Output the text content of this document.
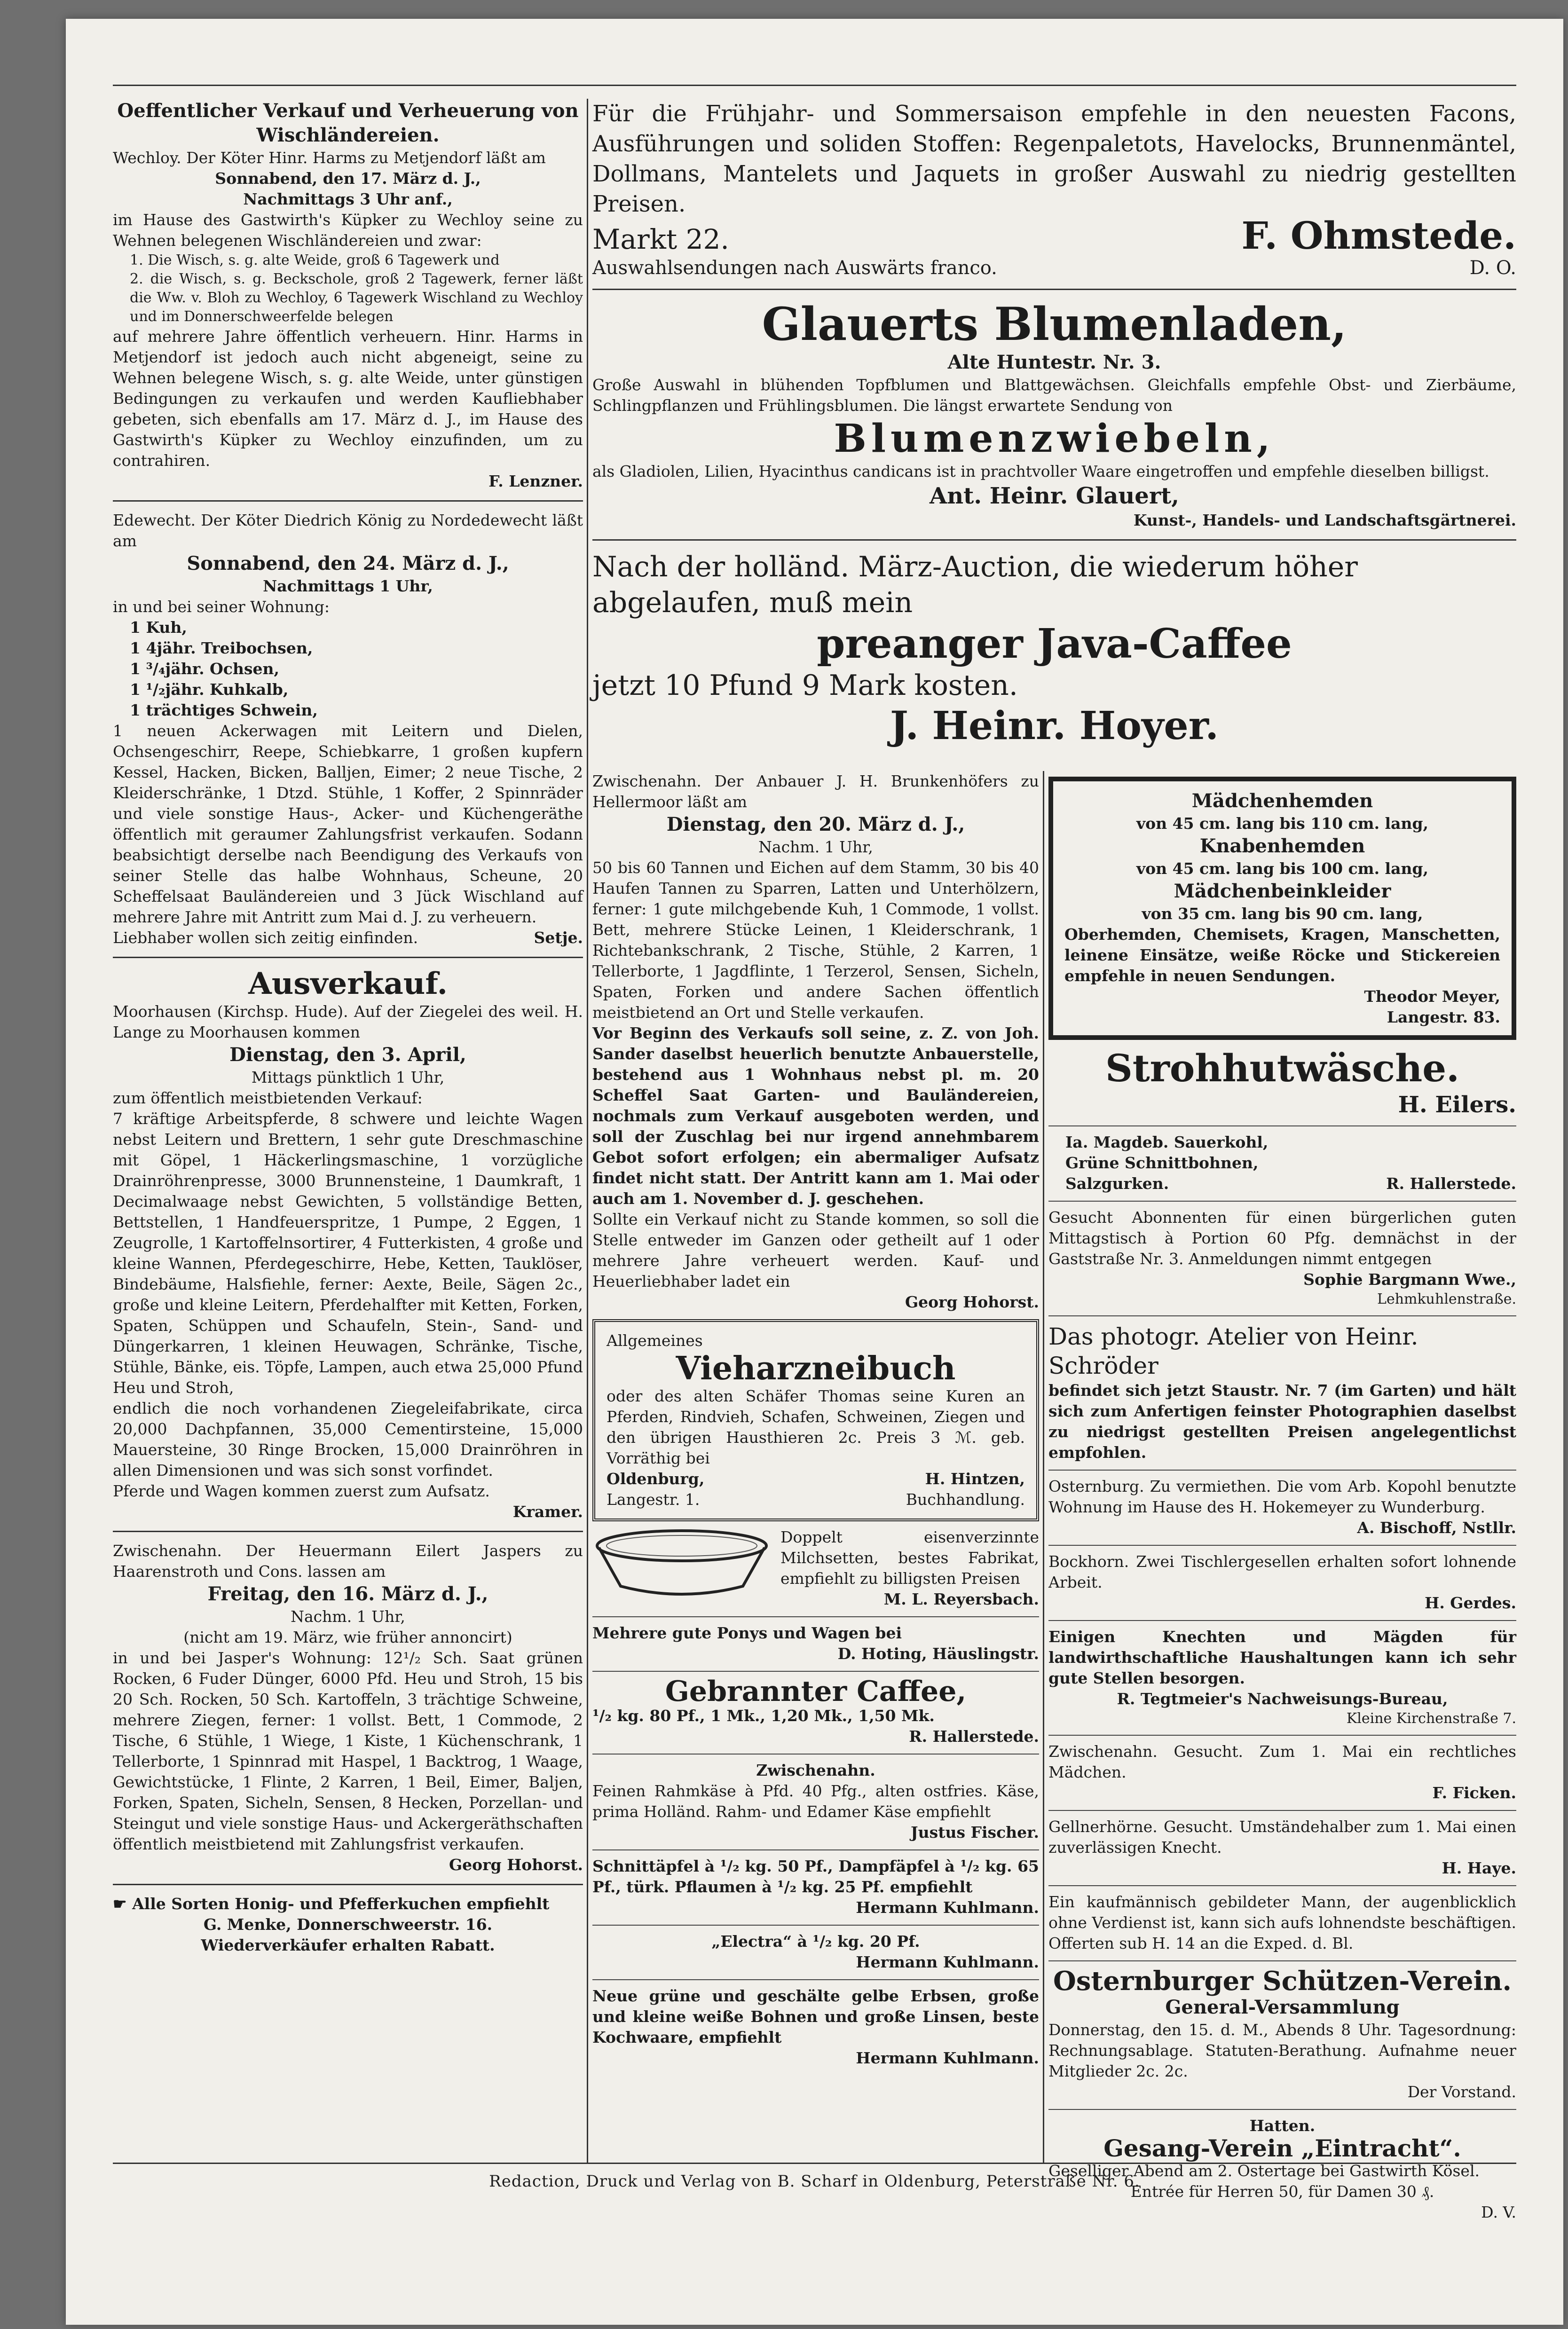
Oeffentlicher Verkauf und Verheuerung von Wischländereien.
Wechloy. Der Köter Hinr. Harms zu Metjendorf läßt am
Sonnabend, den 17. März d. J.,
Nachmittags 3 Uhr anf.,
im Hause des Gastwirth's Küpker zu Wechloy seine zu Wehnen belegenen Wischländereien und zwar:
1. Die Wisch, s. g. alte Weide, groß 6 Tagewerk und
2. die Wisch, s. g. Beckschole, groß 2 Tagewerk, ferner läßt die Ww. v. Bloh zu Wechloy, 6 Tagewerk Wischland zu Wechloy und im Donnerschweerfelde belegen
auf mehrere Jahre öffentlich verheuern. Hinr. Harms in Metjendorf ist jedoch auch nicht abgeneigt, seine zu Wehnen belegene Wisch, s. g. alte Weide, unter günstigen Bedingungen zu verkaufen und werden Kaufliebhaber gebeten, sich ebenfalls am 17. März d. J., im Hause des Gastwirth's Küpker zu Wechloy einzufinden, um zu contrahiren.
F. Lenzner.
Edewecht. Der Köter Diedrich König zu Nordedewecht läßt am
Sonnabend, den 24. März d. J.,
Nachmittags 1 Uhr,
in und bei seiner Wohnung:
1 Kuh,
1 4jähr. Treibochsen,
1 ³/₄jähr. Ochsen,
1 ¹/₂jähr. Kuhkalb,
1 trächtiges Schwein,
1 neuen Ackerwagen mit Leitern und Dielen, Ochsengeschirr, Reepe, Schiebkarre, 1 großen kupfern Kessel, Hacken, Bicken, Balljen, Eimer; 2 neue Tische, 2 Kleiderschränke, 1 Dtzd. Stühle, 1 Koffer, 2 Spinnräder und viele sonstige Haus-, Acker- und Küchengeräthe öffentlich mit geraumer Zahlungsfrist verkaufen. Sodann beabsichtigt derselbe nach Beendigung des Verkaufs von seiner Stelle das halbe Wohnhaus, Scheune, 20 Scheffelsaat Bauländereien und 3 Jück Wischland auf mehrere Jahre mit Antritt zum Mai d. J. zu verheuern.
Liebhaber wollen sich zeitig einfinden.	Setje.
Ausverkauf.
Moorhausen (Kirchsp. Hude). Auf der Ziegelei des weil. H. Lange zu Moorhausen kommen
Dienstag, den 3. April,
Mittags pünktlich 1 Uhr,
zum öffentlich meistbietenden Verkauf:
7 kräftige Arbeitspferde, 8 schwere und leichte Wagen nebst Leitern und Brettern, 1 sehr gute Dreschmaschine mit Göpel, 1 Häckerlingsmaschine, 1 vorzügliche Drainröhrenpresse, 3000 Brunnensteine, 1 Daumkraft, 1 Decimalwaage nebst Gewichten, 5 vollständige Betten, Bettstellen, 1 Handfeuerspritze, 1 Pumpe, 2 Eggen, 1 Zeugrolle, 1 Kartoffelnsortirer, 4 Futterkisten, 4 große und kleine Wannen, Pferdegeschirre, Hebe, Ketten, Tauklöser, Bindebäume, Halsfiehle, ferner: Aexte, Beile, Sägen 2c., große und kleine Leitern, Pferdehalfter mit Ketten, Forken, Spaten, Schüppen und Schaufeln, Stein-, Sand- und Düngerkarren, 1 kleinen Heuwagen, Schränke, Tische, Stühle, Bänke, eis. Töpfe, Lampen, auch etwa 25,000 Pfund Heu und Stroh,
endlich die noch vorhandenen Ziegeleifabrikate, circa 20,000 Dachpfannen, 35,000 Cementirsteine, 15,000 Mauersteine, 30 Ringe Brocken, 15,000 Drainröhren in allen Dimensionen und was sich sonst vorfindet.
Pferde und Wagen kommen zuerst zum Aufsatz.
Kramer.
Zwischenahn. Der Heuermann Eilert Jaspers zu Haarenstroth und Cons. lassen am
Freitag, den 16. März d. J.,
Nachm. 1 Uhr,
(nicht am 19. März, wie früher annoncirt)
in und bei Jasper's Wohnung: 12¹/₂ Sch. Saat grünen Rocken, 6 Fuder Dünger, 6000 Pfd. Heu und Stroh, 15 bis 20 Sch. Rocken, 50 Sch. Kartoffeln, 3 trächtige Schweine, mehrere Ziegen, ferner: 1 vollst. Bett, 1 Commode, 2 Tische, 6 Stühle, 1 Wiege, 1 Kiste, 1 Küchenschrank, 1 Tellerborte, 1 Spinnrad mit Haspel, 1 Backtrog, 1 Waage, Gewichtstücke, 1 Flinte, 2 Karren, 1 Beil, Eimer, Baljen, Forken, Spaten, Sicheln, Sensen, 8 Hecken, Porzellan- und Steingut und viele sonstige Haus- und Ackergeräthschaften öffentlich meistbietend mit Zahlungsfrist verkaufen.
Georg Hohorst.
☛ Alle Sorten Honig- und Pfefferkuchen empfiehlt
G. Menke, Donnerschweerstr. 16.
Wiederverkäufer erhalten Rabatt.
Für die Frühjahr- und Sommersaison empfehle in den neuesten Facons, Ausführungen und soliden Stoffen: Regenpaletots, Havelocks, Brunnenmäntel, Dollmans, Mantelets und Jaquets in großer Auswahl zu niedrig gestellten Preisen.
Markt 22.	F. Ohmstede.
Auswahlsendungen nach Auswärts franco.	D. O.
Glauerts Blumenladen,
Alte Huntestr. Nr. 3.
Große Auswahl in blühenden Topfblumen und Blattgewächsen. Gleichfalls empfehle Obst- und Zierbäume, Schlingpflanzen und Frühlingsblumen. Die längst erwartete Sendung von
Blumenzwiebeln,
als Gladiolen, Lilien, Hyacinthus candicans ist in prachtvoller Waare eingetroffen und empfehle dieselben billigst.
Ant. Heinr. Glauert,
Kunst-, Handels- und Landschaftsgärtnerei.
Nach der holländ. März-Auction, die wiederum höher abgelaufen, muß mein
preanger Java-Caffee
jetzt 10 Pfund 9 Mark kosten.
J. Heinr. Hoyer.
Zwischenahn. Der Anbauer J. H. Brunkenhöfers zu Hellermoor läßt am
Dienstag, den 20. März d. J.,
Nachm. 1 Uhr,
50 bis 60 Tannen und Eichen auf dem Stamm, 30 bis 40 Haufen Tannen zu Sparren, Latten und Unterhölzern, ferner: 1 gute milchgebende Kuh, 1 Commode, 1 vollst. Bett, mehrere Stücke Leinen, 1 Kleiderschrank, 1 Richtebankschrank, 2 Tische, Stühle, 2 Karren, 1 Tellerborte, 1 Jagdflinte, 1 Terzerol, Sensen, Sicheln, Spaten, Forken und andere Sachen öffentlich meistbietend an Ort und Stelle verkaufen.
Vor Beginn des Verkaufs soll seine, z. Z. von Joh. Sander daselbst heuerlich benutzte Anbauerstelle, bestehend aus 1 Wohnhaus nebst pl. m. 20 Scheffel Saat Garten- und Bauländereien, nochmals zum Verkauf ausgeboten werden, und soll der Zuschlag bei nur irgend annehmbarem Gebot sofort erfolgen; ein abermaliger Aufsatz findet nicht statt. Der Antritt kann am 1. Mai oder auch am 1. November d. J. geschehen.
Sollte ein Verkauf nicht zu Stande kommen, so soll die Stelle entweder im Ganzen oder getheilt auf 1 oder mehrere Jahre verheuert werden. Kauf- und Heuerliebhaber ladet ein
Georg Hohorst.
Allgemeines
Vieharzneibuch
oder des alten Schäfer Thomas seine Kuren an Pferden, Rindvieh, Schafen, Schweinen, Ziegen und den übrigen Hausthieren 2c. Preis 3 ℳ. geb. Vorräthig bei
Oldenburg,	H. Hintzen,
Langestr. 1.	Buchhandlung.
Doppelt eisenverzinnte Milchsetten, bestes Fabrikat, empfiehlt zu billigsten Preisen
M. L. Reyersbach.
Mehrere gute Ponys und Wagen bei
D. Hoting, Häuslingstr.
Gebrannter Caffee,
¹/₂ kg. 80 Pf., 1 Mk., 1,20 Mk., 1,50 Mk.
R. Hallerstede.
Zwischenahn.
Feinen Rahmkäse à Pfd. 40 Pfg., alten ostfries. Käse, prima Holländ. Rahm- und Edamer Käse empfiehlt
Justus Fischer.
Schnittäpfel à ¹/₂ kg. 50 Pf., Dampfäpfel à ¹/₂ kg. 65 Pf., türk. Pflaumen à ¹/₂ kg. 25 Pf. empfiehlt
Hermann Kuhlmann.
„Electra“ à ¹/₂ kg. 20 Pf.
Hermann Kuhlmann.
Neue grüne und geschälte gelbe Erbsen, große und kleine weiße Bohnen und große Linsen, beste Kochwaare, empfiehlt
Hermann Kuhlmann.
Mädchenhemden
von 45 cm. lang bis 110 cm. lang,
Knabenhemden
von 45 cm. lang bis 100 cm. lang,
Mädchenbeinkleider
von 35 cm. lang bis 90 cm. lang,
Oberhemden, Chemisets, Kragen, Manschetten, leinene Einsätze, weiße Röcke und Stickereien empfehle in neuen Sendungen.
Theodor Meyer,
Langestr. 83.
Strohhutwäsche.
H. Eilers.
Ia. Magdeb. Sauerkohl,
Grüne Schnittbohnen,
Salzgurken.	R. Hallerstede.
Gesucht Abonnenten für einen bürgerlichen guten Mittagstisch à Portion 60 Pfg. demnächst in der Gaststraße Nr. 3. Anmeldungen nimmt entgegen
Sophie Bargmann Wwe.,
Lehmkuhlenstraße.
Das photogr. Atelier von Heinr. Schröder
befindet sich jetzt Staustr. Nr. 7 (im Garten) und hält sich zum Anfertigen feinster Photographien daselbst zu niedrigst gestellten Preisen angelegentlichst empfohlen.
Osternburg. Zu vermiethen. Die vom Arb. Kopohl benutzte Wohnung im Hause des H. Hokemeyer zu Wunderburg.
A. Bischoff, Nstllr.
Bockhorn. Zwei Tischlergesellen erhalten sofort lohnende Arbeit.
H. Gerdes.
Einigen Knechten und Mägden für landwirthschaftliche Haushaltungen kann ich sehr gute Stellen besorgen.
R. Tegtmeier's Nachweisungs-Bureau,
Kleine Kirchenstraße 7.
Zwischenahn. Gesucht. Zum 1. Mai ein rechtliches Mädchen.
F. Ficken.
Gellnerhörne. Gesucht. Umständehalber zum 1. Mai einen zuverlässigen Knecht.
H. Haye.
Ein kaufmännisch gebildeter Mann, der augenblicklich ohne Verdienst ist, kann sich aufs lohnendste beschäftigen. Offerten sub H. 14 an die Exped. d. Bl.
Osternburger Schützen-Verein.
General-Versammlung
Donnerstag, den 15. d. M., Abends 8 Uhr. Tagesordnung: Rechnungsablage. Statuten-Berathung. Aufnahme neuer Mitglieder 2c. 2c.
Der Vorstand.
Hatten.
Gesang-Verein „Eintracht“.
Geselliger Abend am 2. Ostertage bei Gastwirth Kösel.
Entrée für Herren 50, für Damen 30 ₰.
D. V.
Redaction, Druck und Verlag von B. Scharf in Oldenburg, Peterstraße Nr. 6.
